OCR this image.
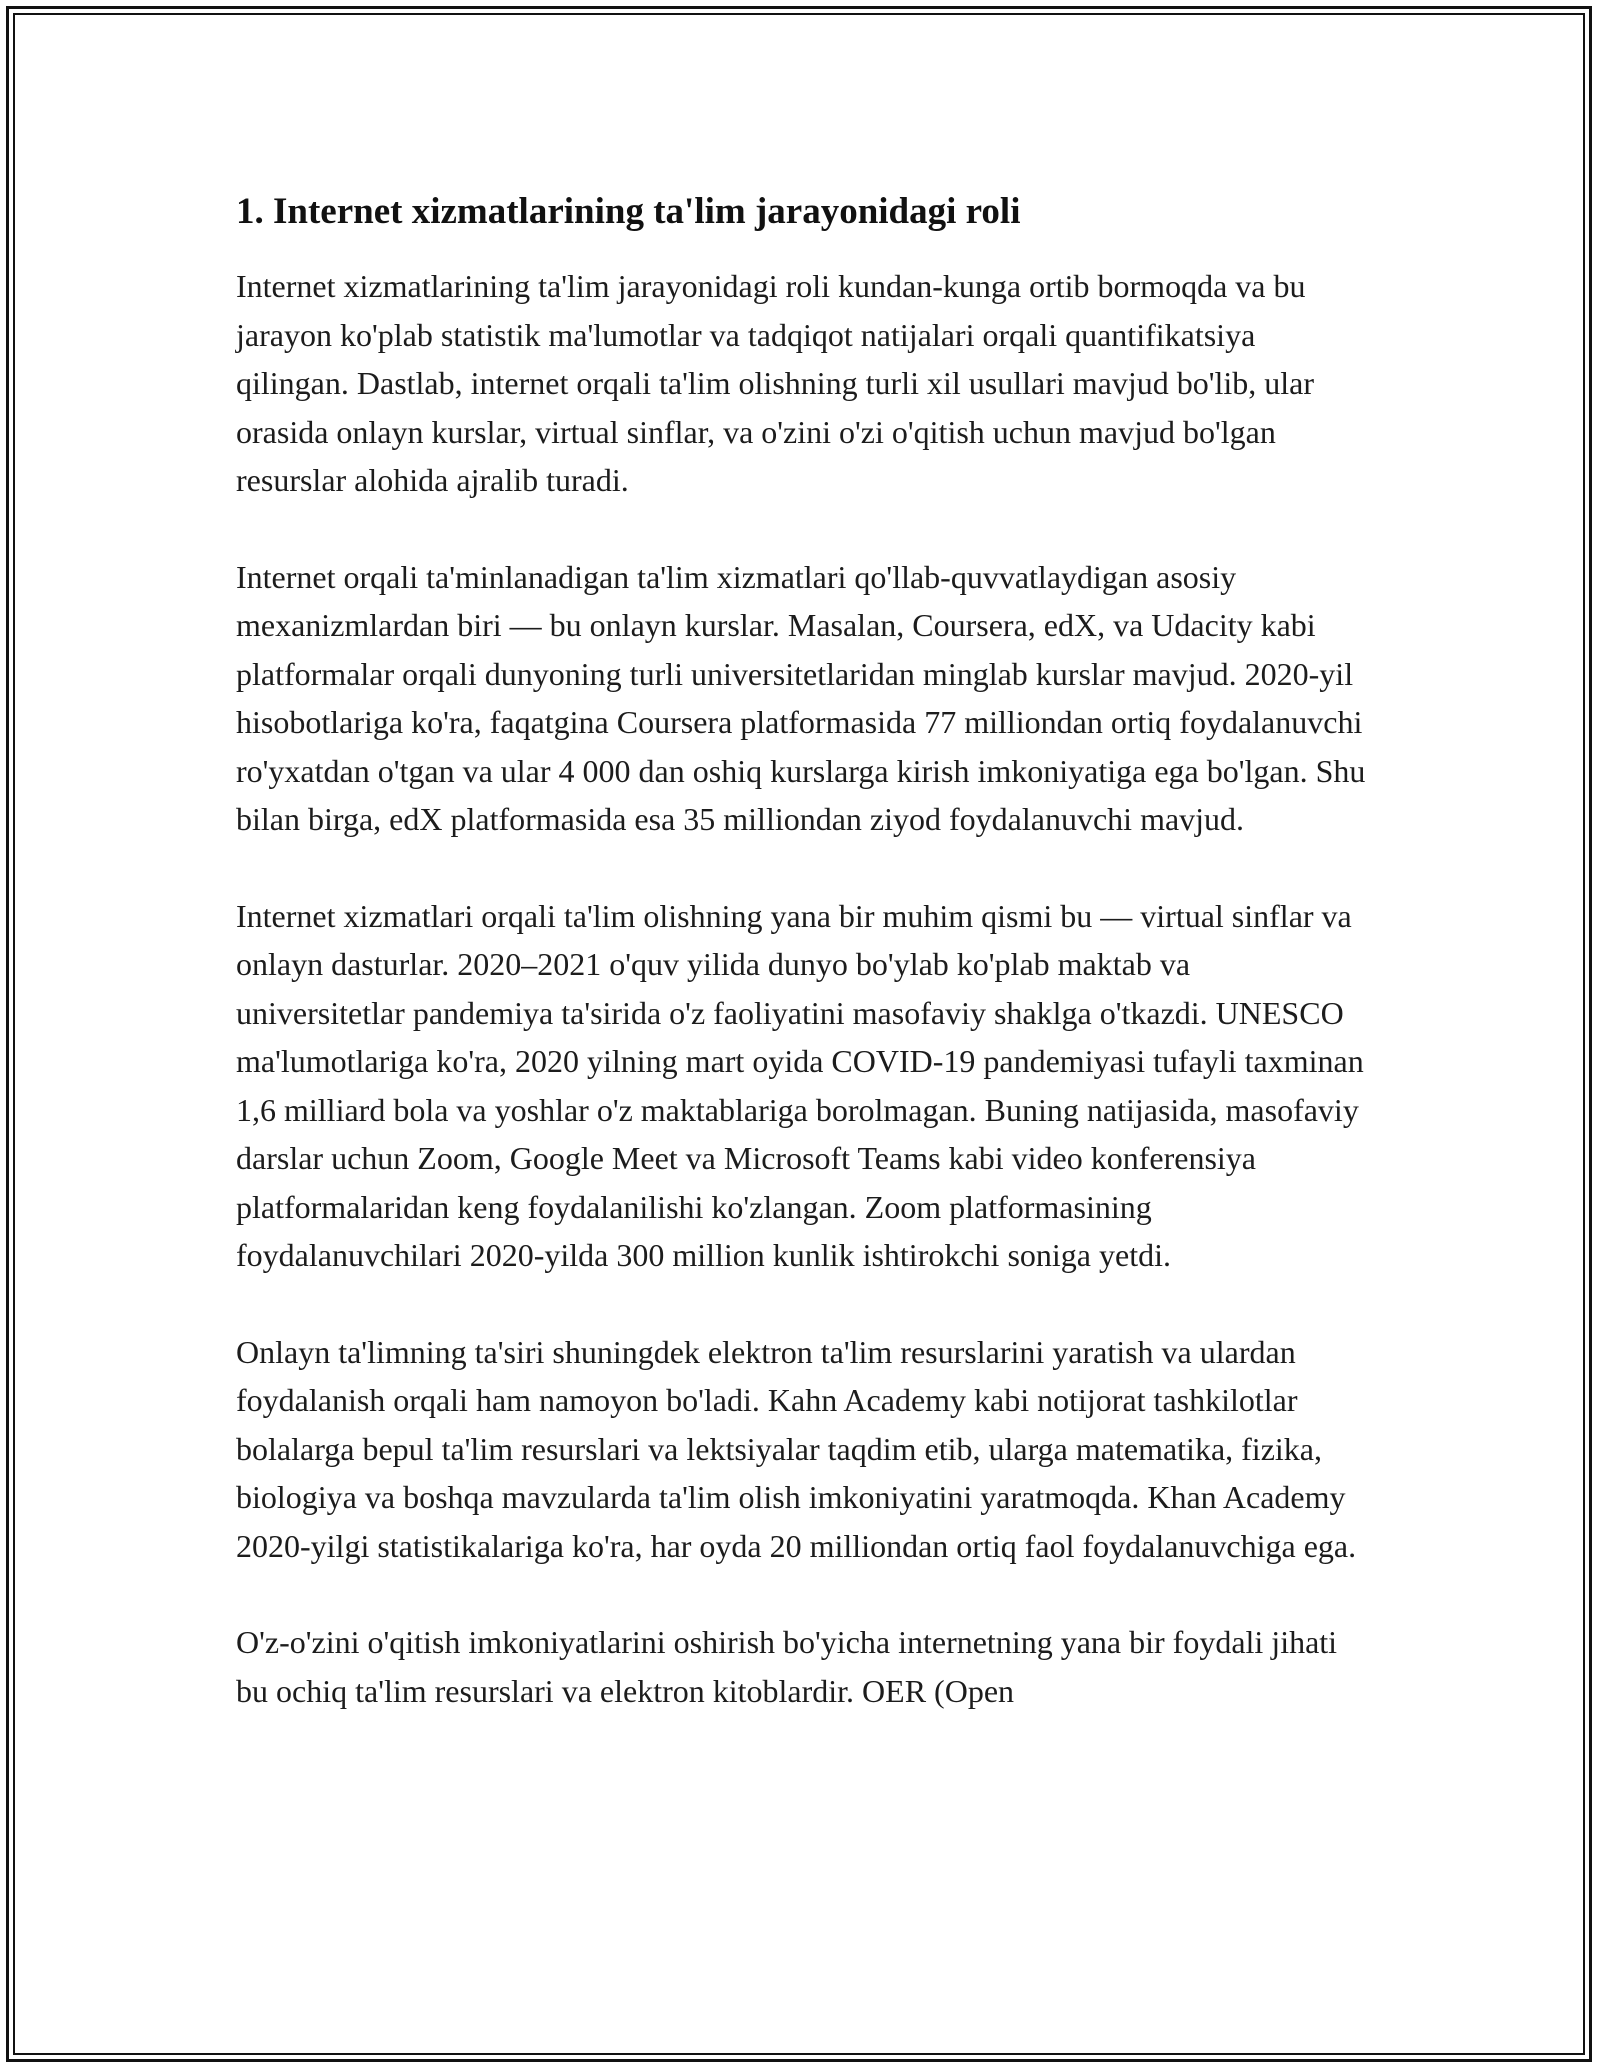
1. Internet xizmatlarining ta'lim jarayonidagi roli

Internet xizmatlarining ta'lim jarayonidagi roli kundan-kunga ortib bormoqda va bu jarayon ko'plab statistik ma'lumotlar va tadqiqot natijalari orqali quantifikatsiya qilingan. Dastlab, internet orqali ta'lim olishning turli xil usullari mavjud bo'lib, ular orasida onlayn kurslar, virtual sinflar, va o'zini o'zi o'qitish uchun mavjud bo'lgan resurslar alohida ajralib turadi.

Internet orqali ta'minlanadigan ta'lim xizmatlari qo'llab-quvvatlaydigan asosiy mexanizmlardan biri — bu onlayn kurslar. Masalan, Coursera, edX, va Udacity kabi platformalar orqali dunyoning turli universitetlaridan minglab kurslar mavjud. 2020-yil hisobotlariga ko'ra, faqatgina Coursera platformasida 77 milliondan ortiq foydalanuvchi ro'yxatdan o'tgan va ular 4 000 dan oshiq kurslarga kirish imkoniyatiga ega bo'lgan. Shu bilan birga, edX platformasida esa 35 milliondan ziyod foydalanuvchi mavjud.

Internet xizmatlari orqali ta'lim olishning yana bir muhim qismi bu — virtual sinflar va onlayn dasturlar. 2020–2021 o'quv yilida dunyo bo'ylab ko'plab maktab va universitetlar pandemiya ta'sirida o'z faoliyatini masofaviy shaklga o'tkazdi. UNESCO ma'lumotlariga ko'ra, 2020 yilning mart oyida COVID-19 pandemiyasi tufayli taxminan 1,6 milliard bola va yoshlar o'z maktablariga borolmagan. Buning natijasida, masofaviy darslar uchun Zoom, Google Meet va Microsoft Teams kabi video konferensiya platformalaridan keng foydalanilishi ko'zlangan. Zoom platformasining foydalanuvchilari 2020-yilda 300 million kunlik ishtirokchi soniga yetdi.

Onlayn ta'limning ta'siri shuningdek elektron ta'lim resurslarini yaratish va ulardan foydalanish orqali ham namoyon bo'ladi. Kahn Academy kabi notijorat tashkilotlar bolalarga bepul ta'lim resurslari va lektsiyalar taqdim etib, ularga matematika, fizika, biologiya va boshqa mavzularda ta'lim olish imkoniyatini yaratmoqda. Khan Academy 2020-yilgi statistikalariga ko'ra, har oyda 20 milliondan ortiq faol foydalanuvchiga ega.

O'z-o'zini o'qitish imkoniyatlarini oshirish bo'yicha internetning yana bir foydali jihati bu ochiq ta'lim resurslari va elektron kitoblardir. OER (Open
